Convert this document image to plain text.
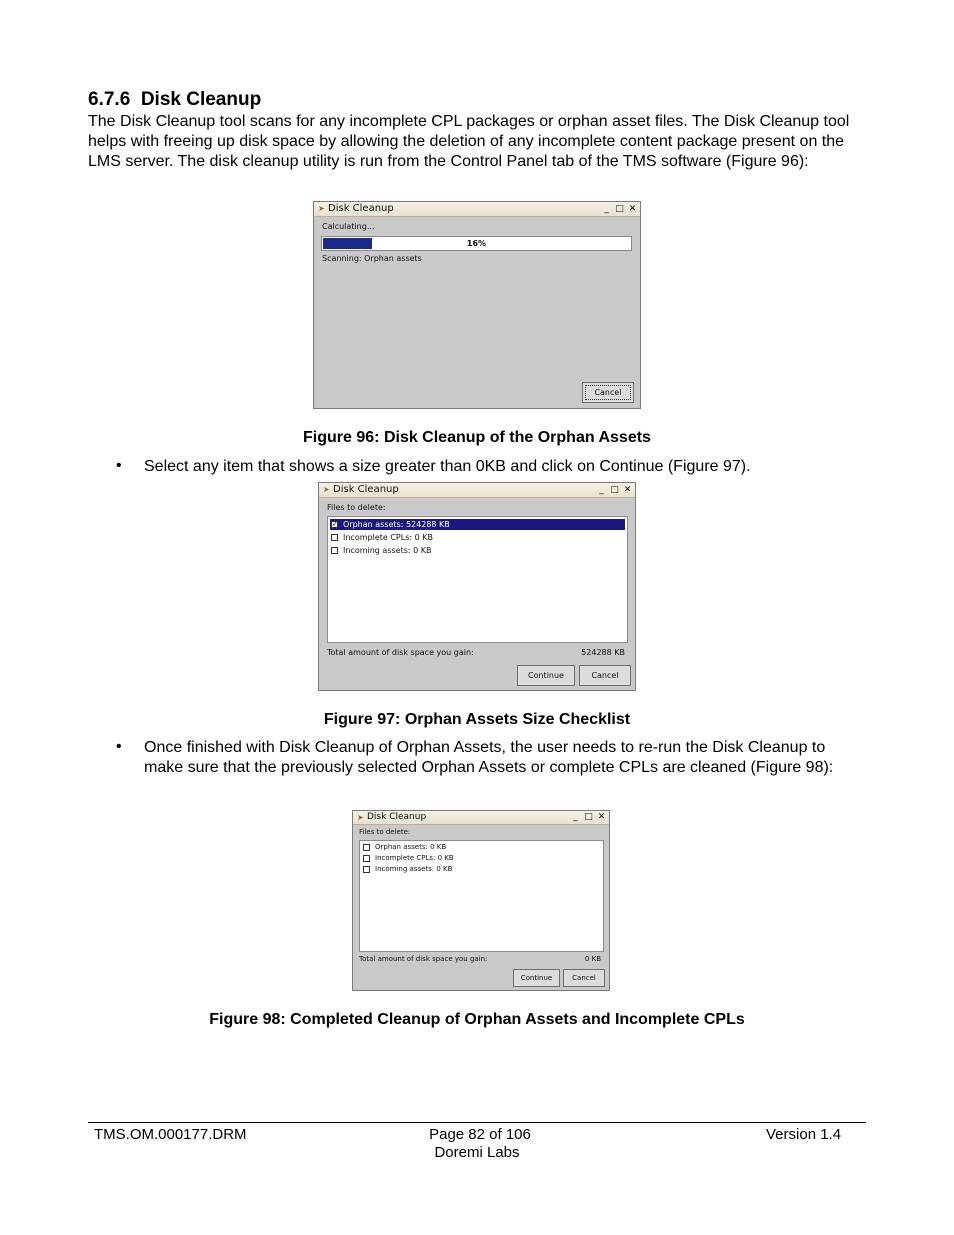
6.7.6 Disk Cleanup
The Disk Cleanup tool scans for any incomplete CPL packages or orphan asset files. The Disk Cleanup tool helps with freeing up disk space by allowing the deletion of any incomplete content package present on the LMS server. The disk cleanup utility is run from the Control Panel tab of the TMS software (Figure 96):
➤ Disk Cleanup	_ □ ✕
Calculating...
16%
Scanning: Orphan assets
Cancel
Figure 96: Disk Cleanup of the Orphan Assets
• Select any item that shows a size greater than 0KB and click on Continue (Figure 97).
➤ Disk Cleanup	_ □ ✕
Files to delete:
✓ Orphan assets: 524288 KB
Incomplete CPLs: 0 KB
Incoming assets: 0 KB
Total amount of disk space you gain:	524288 KB
Continue	Cancel
Figure 97: Orphan Assets Size Checklist
• Once finished with Disk Cleanup of Orphan Assets, the user needs to re-run the Disk Cleanup to make sure that the previously selected Orphan Assets or complete CPLs are cleaned (Figure 98):
➤ Disk Cleanup	_ □ ✕
Files to delete:
Orphan assets: 0 KB
Incomplete CPLs: 0 KB
Incoming assets: 0 KB
Total amount of disk space you gain:	0 KB
Continue	Cancel
Figure 98: Completed Cleanup of Orphan Assets and Incomplete CPLs
TMS.OM.000177.DRM	Page 82 of 106
Doremi Labs
Version 1.4
